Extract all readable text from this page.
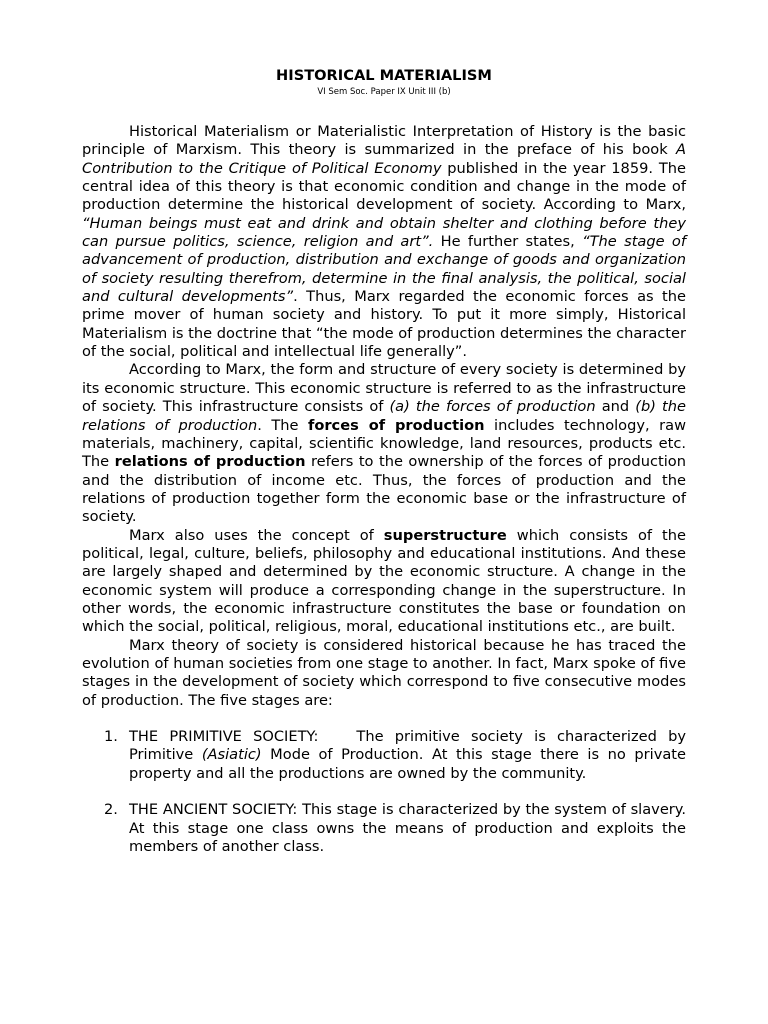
HISTORICAL MATERIALISM

VI Sem Soc. Paper IX Unit III (b)

Historical Materialism or Materialistic Interpretation of History is the basic principle of Marxism. This theory is summarized in the preface of his book A Contribution to the Critique of Political Economy published in the year 1859. The central idea of this theory is that economic condition and change in the mode of production determine the historical development of society. According to Marx, “Human beings must eat and drink and obtain shelter and clothing before they can pursue politics, science, religion and art”. He further states, “The stage of advancement of production, distribution and exchange of goods and organization of society resulting therefrom, determine in the final analysis, the political, social and cultural developments”. Thus, Marx regarded the economic forces as the prime mover of human society and history. To put it more simply, Historical Materialism is the doctrine that “the mode of production determines the character of the social, political and intellectual life generally”.

According to Marx, the form and structure of every society is determined by its economic structure. This economic structure is referred to as the infrastructure of society. This infrastructure consists of (a) the forces of production and (b) the relations of production. The forces of production includes technology, raw materials, machinery, capital, scientific knowledge, land resources, products etc. The relations of production refers to the ownership of the forces of production and the distribution of income etc. Thus, the forces of production and the relations of production together form the economic base or the infrastructure of society.

Marx also uses the concept of superstructure which consists of the political, legal, culture, beliefs, philosophy and educational institutions. And these are largely shaped and determined by the economic structure. A change in the economic system will produce a corresponding change in the superstructure. In other words, the economic infrastructure constitutes the base or foundation on which the social, political, religious, moral, educational institutions etc., are built.

Marx theory of society is considered historical because he has traced the evolution of human societies from one stage to another. In fact, Marx spoke of five stages in the development of society which correspond to five consecutive modes of production. The five stages are:

1. THE PRIMITIVE SOCIETY:	The primitive society is characterized by Primitive (Asiatic) Mode of Production. At this stage there is no private property and all the productions are owned by the community.
2. THE ANCIENT SOCIETY: This stage is characterized by the system of slavery. At this stage one class owns the means of production and exploits the members of another class.
